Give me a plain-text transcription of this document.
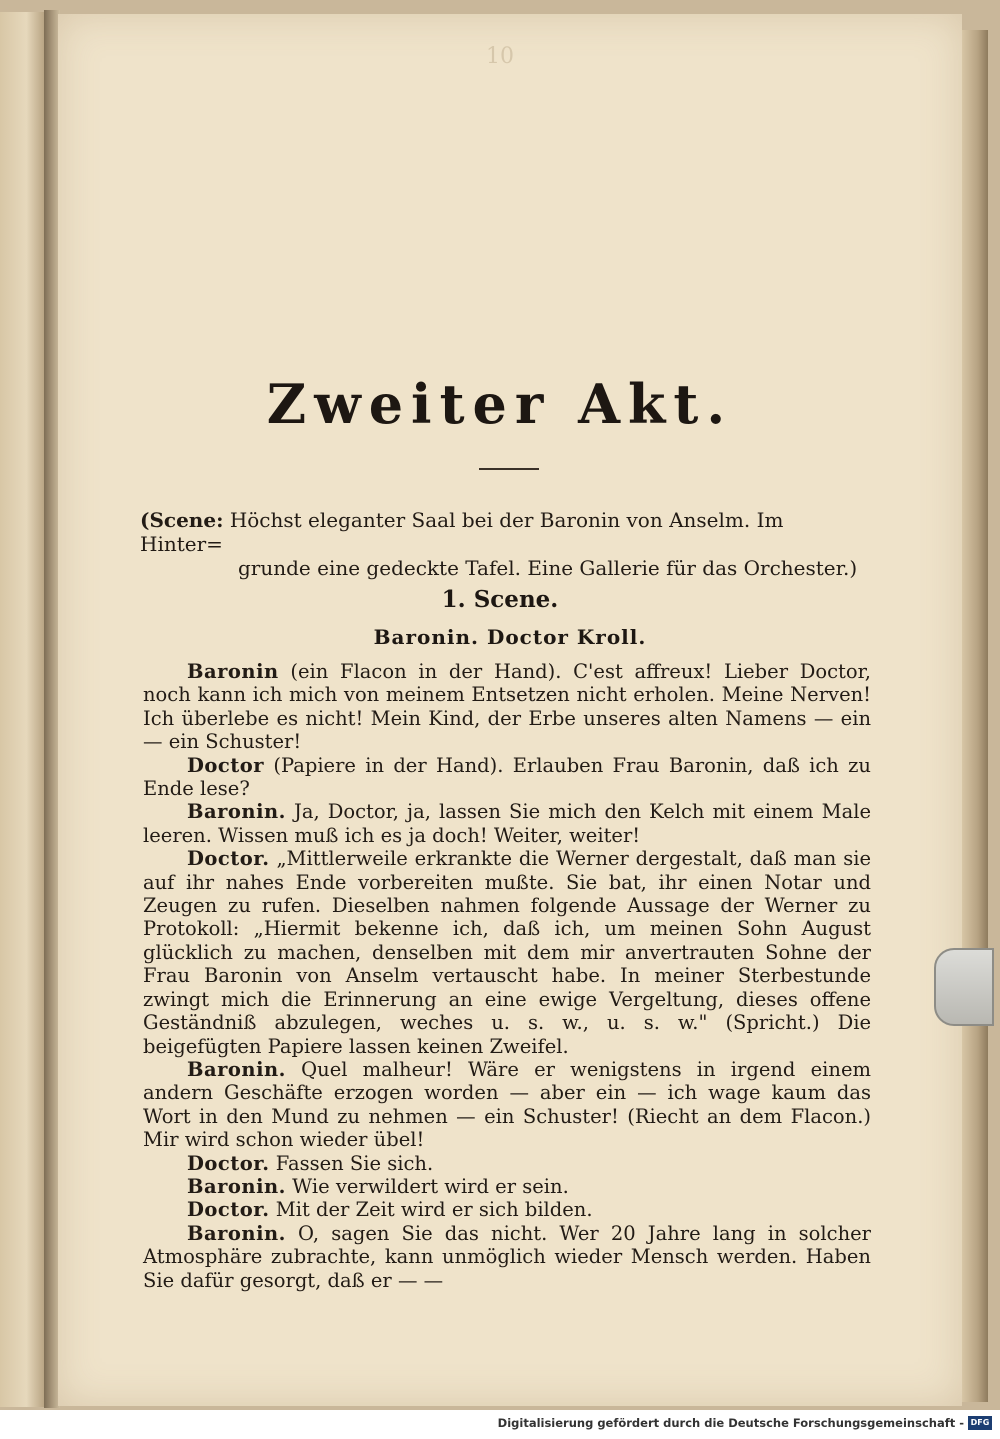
10
Zweiter Akt.
(Scene: Höchst eleganter Saal bei der Baronin von Anselm. Im Hinter=
grunde eine gedeckte Tafel. Eine Gallerie für das Orchester.)
1. Scene.
Baronin. Doctor Kroll.

Baronin (ein Flacon in der Hand). C'est affreux! Lieber Doctor, noch kann ich mich von meinem Entsetzen nicht erholen. Meine Nerven! Ich überlebe es nicht! Mein Kind, der Erbe unseres alten Namens — ein — ein Schuster!

Doctor (Papiere in der Hand). Erlauben Frau Baronin, daß ich zu Ende lese?

Baronin. Ja, Doctor, ja, lassen Sie mich den Kelch mit einem Male leeren. Wissen muß ich es ja doch! Weiter, weiter!

Doctor. „Mittlerweile erkrankte die Werner dergestalt, daß man sie auf ihr nahes Ende vorbereiten mußte. Sie bat, ihr einen Notar und Zeugen zu rufen. Dieselben nahmen folgende Aussage der Werner zu Protokoll: „Hiermit bekenne ich, daß ich, um meinen Sohn August glücklich zu machen, denselben mit dem mir anvertrauten Sohne der Frau Baronin von Anselm vertauscht habe. In meiner Sterbestunde zwingt mich die Erinnerung an eine ewige Vergeltung, dieses offene Geständniß abzulegen, weches u. s. w., u. s. w." (Spricht.) Die beigefügten Papiere lassen keinen Zweifel.

Baronin. Quel malheur! Wäre er wenigstens in irgend einem andern Geschäfte erzogen worden — aber ein — ich wage kaum das Wort in den Mund zu nehmen — ein Schuster! (Riecht an dem Flacon.) Mir wird schon wieder übel!

Doctor. Fassen Sie sich.

Baronin. Wie verwildert wird er sein.

Doctor. Mit der Zeit wird er sich bilden.

Baronin. O, sagen Sie das nicht. Wer 20 Jahre lang in solcher Atmosphäre zubrachte, kann unmöglich wieder Mensch werden. Haben Sie dafür gesorgt, daß er — —

Digitalisierung gefördert durch die Deutsche Forschungsgemeinschaft - DFG
